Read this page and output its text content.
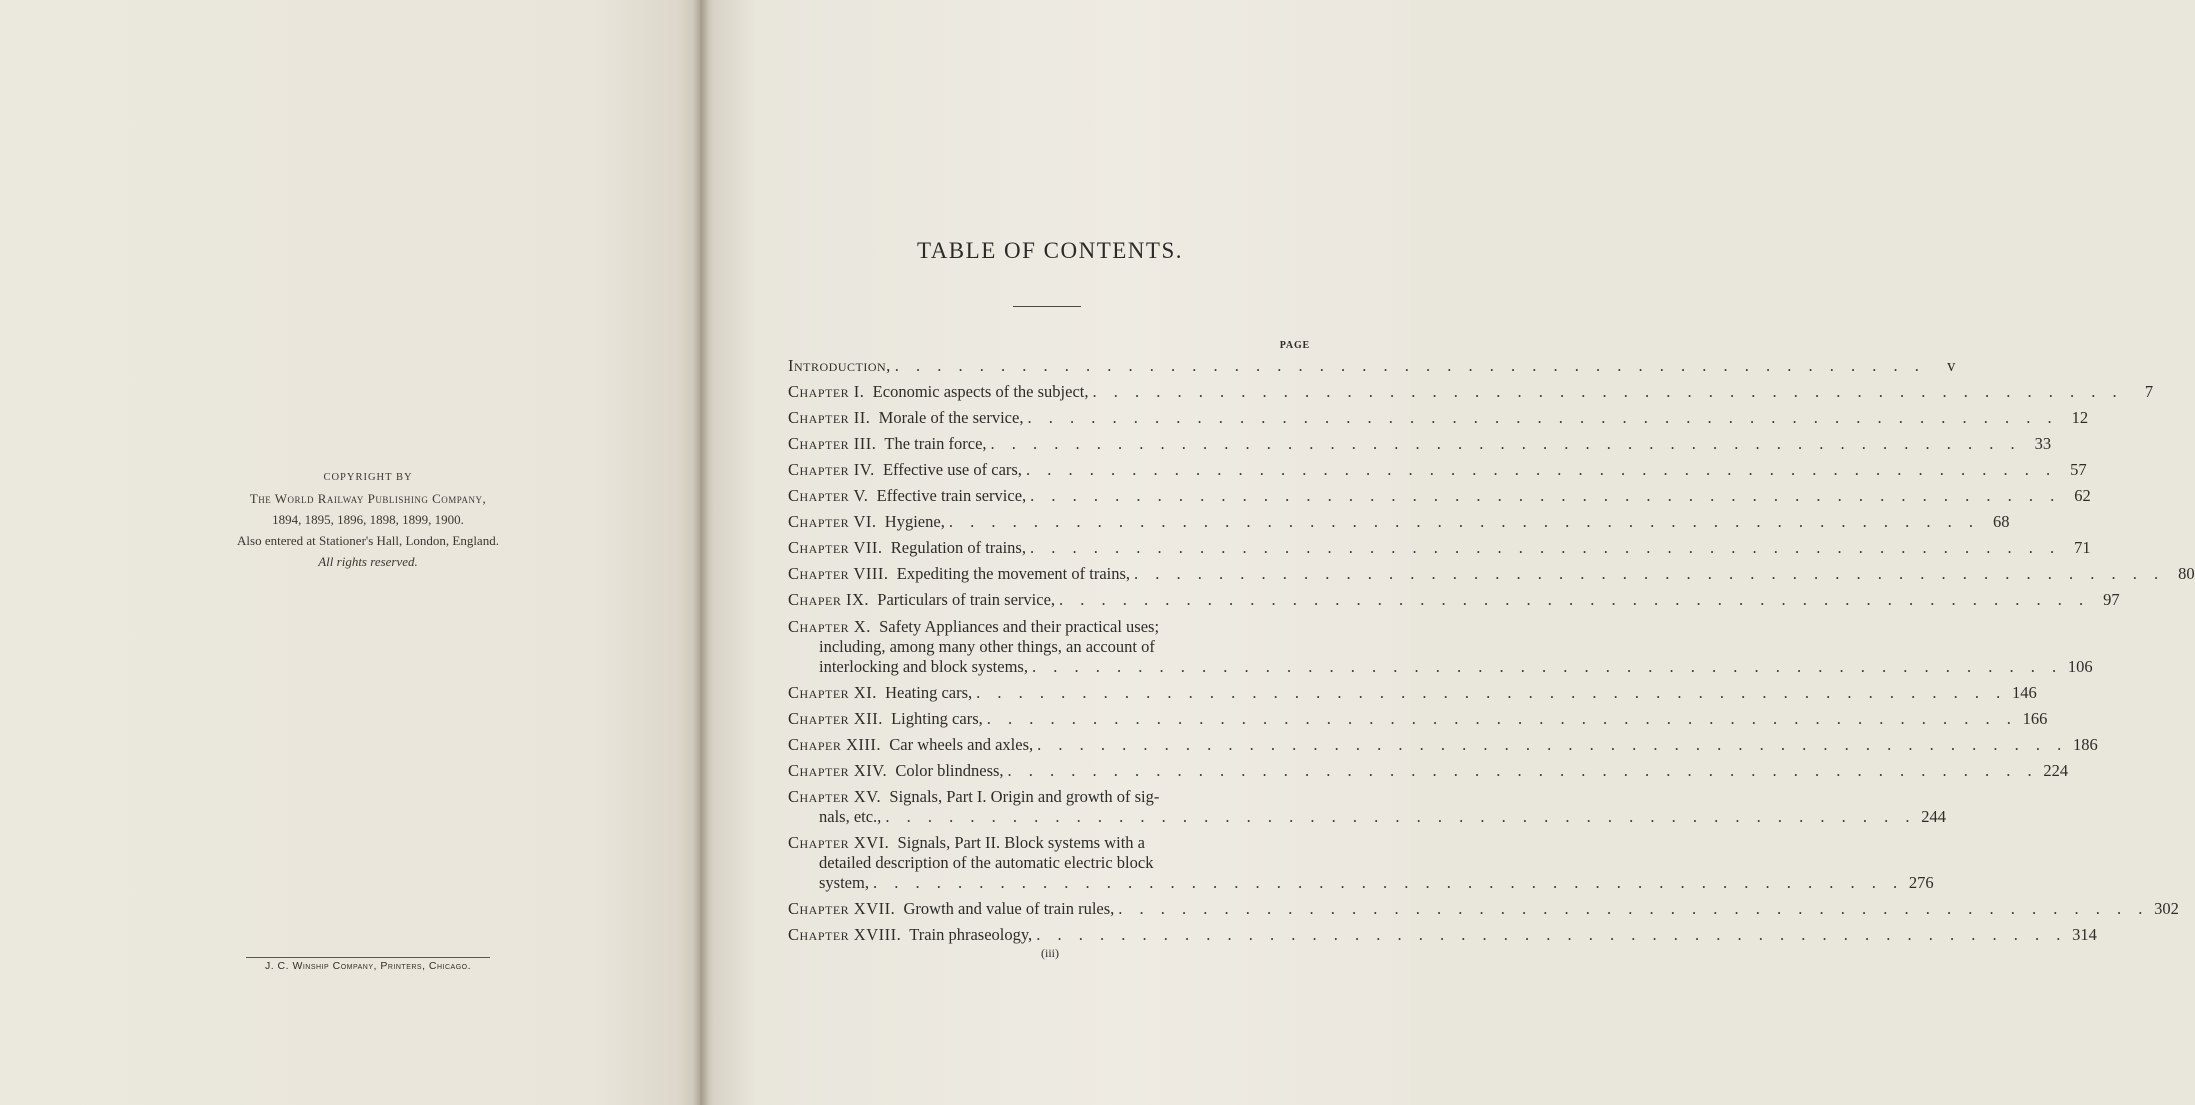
COPYRIGHT BY
The World Railway Publishing Company,
1894, 1895, 1896, 1898, 1899, 1900.
Also entered at Stationer's Hall, London, England.
All rights reserved.
J. C. Winship Company, Printers, Chicago.
TABLE OF CONTENTS.
PAGE
Introduction, . . . . . . . . . . . . . . . . . . . . . . . . . . . . . . . . . . . . . . . . . . . . . . . . .	v
Chapter I. Economic aspects of the subject, . . . . . . . . . . . . . . . . . . . . . . . . . . . . . . . . . . . . . . . . . . . . . . . . .	7
Chapter II. Morale of the service, . . . . . . . . . . . . . . . . . . . . . . . . . . . . . . . . . . . . . . . . . . . . . . . . . 12
Chapter III. The train force, . . . . . . . . . . . . . . . . . . . . . . . . . . . . . . . . . . . . . . . . . . . . . . . . . 33
Chapter IV. Effective use of cars, . . . . . . . . . . . . . . . . . . . . . . . . . . . . . . . . . . . . . . . . . . . . . . . . . 57
Chapter V. Effective train service, . . . . . . . . . . . . . . . . . . . . . . . . . . . . . . . . . . . . . . . . . . . . . . . . . 62
Chapter VI. Hygiene, . . . . . . . . . . . . . . . . . . . . . . . . . . . . . . . . . . . . . . . . . . . . . . . . . 68
Chapter VII. Regulation of trains, . . . . . . . . . . . . . . . . . . . . . . . . . . . . . . . . . . . . . . . . . . . . . . . . . 71
Chapter VIII. Expediting the movement of trains, . . . . . . . . . . . . . . . . . . . . . . . . . . . . . . . . . . . . . . . . . . . . . . . . . 80
Chaper IX. Particulars of train service, . . . . . . . . . . . . . . . . . . . . . . . . . . . . . . . . . . . . . . . . . . . . . . . . . 97
Chapter X. Safety Appliances and their practical uses;
including, among many other things, an account of
interlocking and block systems, . . . . . . . . . . . . . . . . . . . . . . . . . . . . . . . . . . . . . . . . . . . . . . . . . 106
Chapter XI. Heating cars, . . . . . . . . . . . . . . . . . . . . . . . . . . . . . . . . . . . . . . . . . . . . . . . . . 146
Chapter XII. Lighting cars, . . . . . . . . . . . . . . . . . . . . . . . . . . . . . . . . . . . . . . . . . . . . . . . . . 166
Chaper XIII. Car wheels and axles, . . . . . . . . . . . . . . . . . . . . . . . . . . . . . . . . . . . . . . . . . . . . . . . . . 186
Chapter XIV. Color blindness, . . . . . . . . . . . . . . . . . . . . . . . . . . . . . . . . . . . . . . . . . . . . . . . . . 224
Chapter XV. Signals, Part I. Origin and growth of sig-
nals, etc., . . . . . . . . . . . . . . . . . . . . . . . . . . . . . . . . . . . . . . . . . . . . . . . . . 244
Chapter XVI. Signals, Part II. Block systems with a
detailed description of the automatic electric block
system, . . . . . . . . . . . . . . . . . . . . . . . . . . . . . . . . . . . . . . . . . . . . . . . . . 276
Chapter XVII. Growth and value of train rules, . . . . . . . . . . . . . . . . . . . . . . . . . . . . . . . . . . . . . . . . . . . . . . . . . 302
Chapter XVIII. Train phraseology, . . . . . . . . . . . . . . . . . . . . . . . . . . . . . . . . . . . . . . . . . . . . . . . . . 314
(iii)
